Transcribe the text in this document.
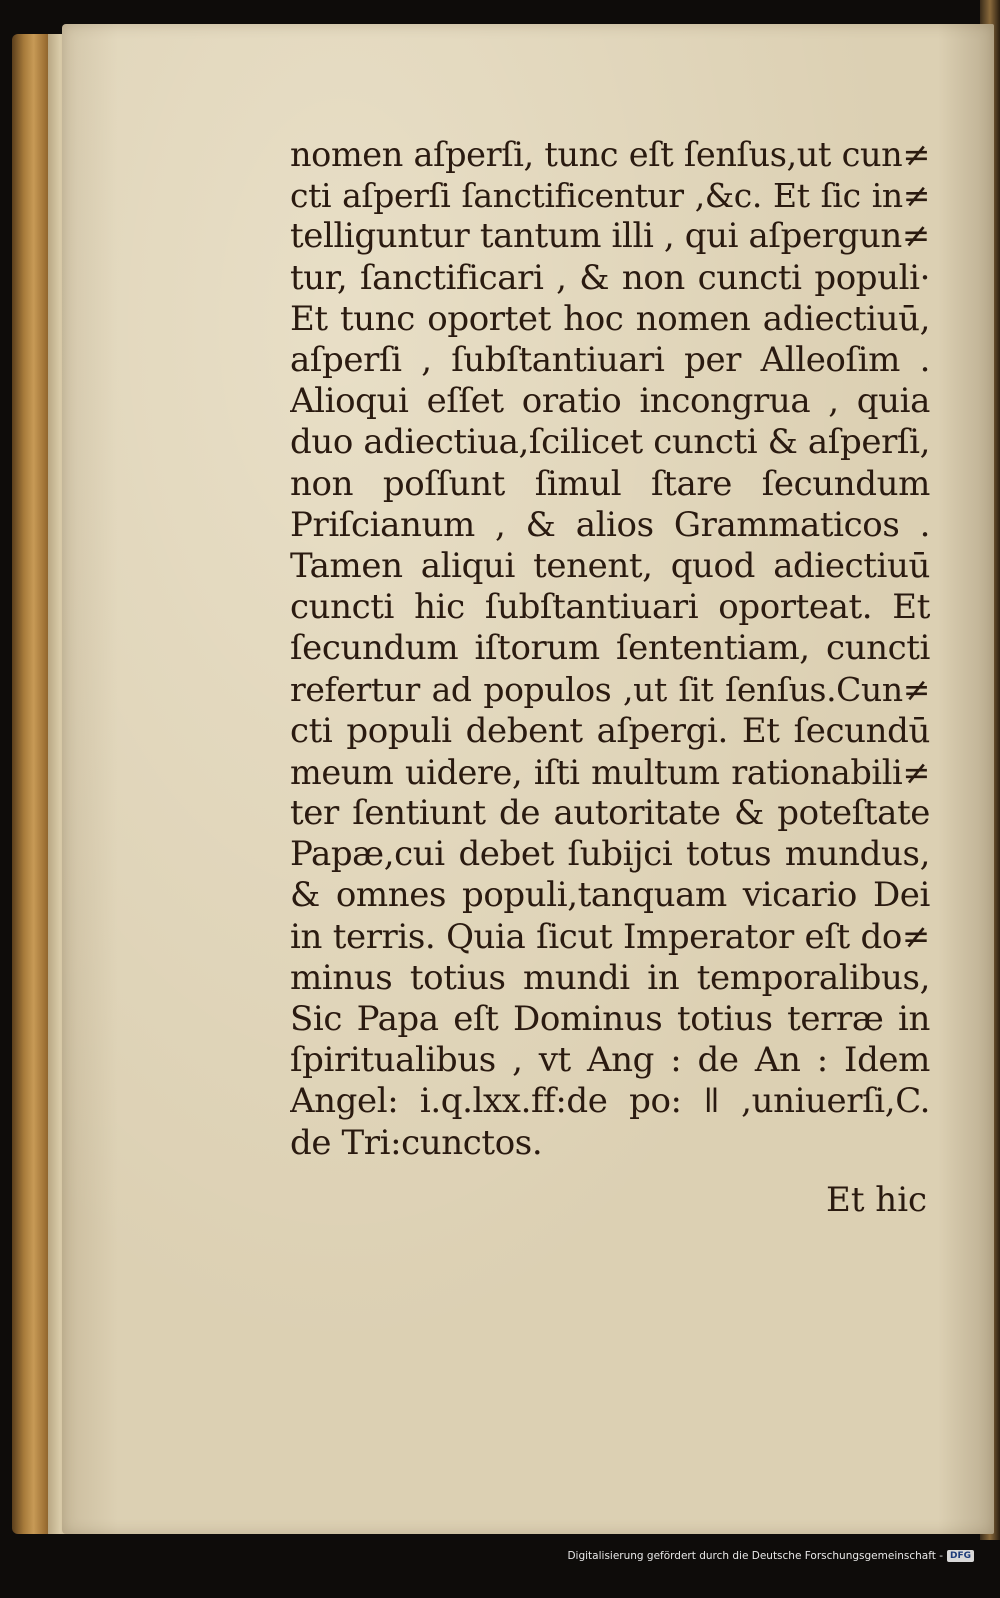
nomen aſperſi, tunc eſt ſenſus,ut cun≠
cti aſperſi ſanctificentur ,&c. Et ſic in≠
telliguntur tantum illi , qui aſpergun≠
tur, ſanctificari , & non cuncti populi·
Et tunc oportet hoc nomen adiectiuū,
aſperſi , ſubſtantiuari per Alleoſim .
Alioqui eſſet oratio incongrua , quia
duo adiectiua,ſcilicet cuncti & aſperſi,
non poſſunt ſimul ſtare ſecundum
Priſcianum , & alios Grammaticos .
Tamen aliqui tenent, quod adiectiuū
cuncti hic ſubſtantiuari oporteat. Et
ſecundum iſtorum ſententiam, cuncti
refertur ad populos ,ut ſit ſenſus.Cun≠
cti populi debent aſpergi. Et ſecundū
meum uidere, iſti multum rationabili≠
ter ſentiunt de autoritate & poteſtate
Papæ,cui debet ſubijci totus mundus,
& omnes populi,tanquam vicario Dei
in terris. Quia ſicut Imperator eſt do≠
minus totius mundi in temporalibus,
Sic Papa eſt Dominus totius terræ in
ſpiritualibus , vt Ang : de An : Idem
Angel: i.q.lxx.ff:de po: ǁ ,uniuerſi,C.
de Tri:cunctos.
Et hic
Digitalisierung gefördert durch die Deutsche Forschungsgemeinschaft - DFG
